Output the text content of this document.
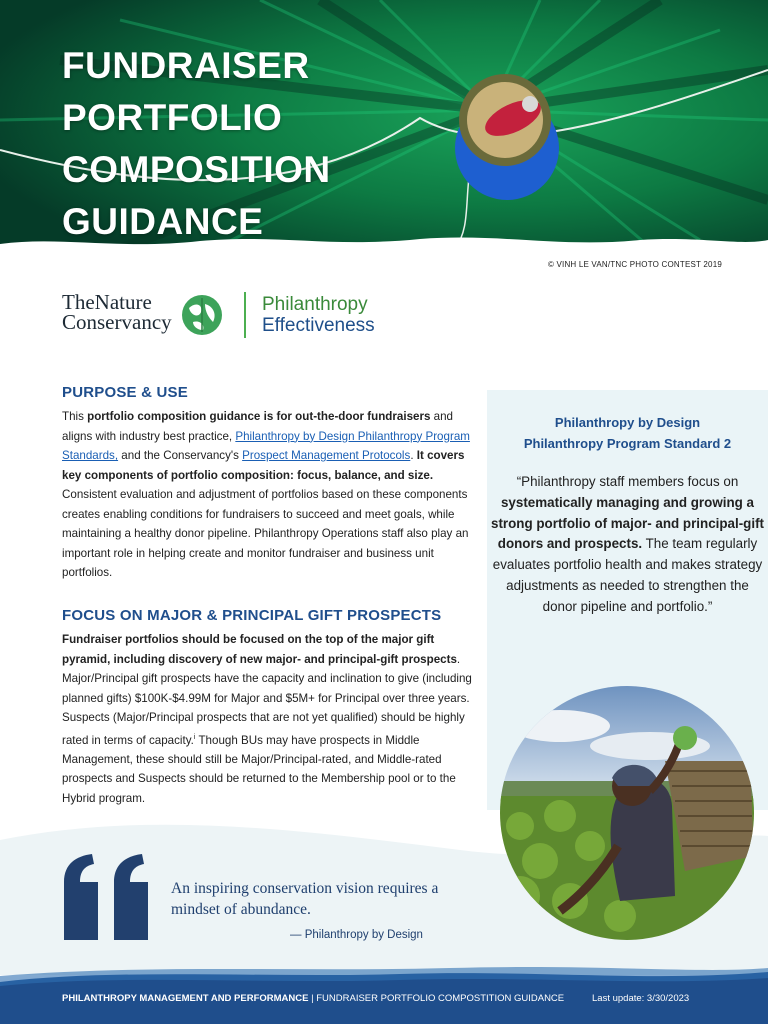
FUNDRAISER
PORTFOLIO
COMPOSITION
GUIDANCE
© VINH LE VAN/TNC PHOTO CONTEST 2019
TheNature
Conservancy
Philanthropy
Effectiveness
PURPOSE & USE
This portfolio composition guidance is for out-the-door fundraisers and aligns with industry best practice, Philanthropy by Design Philanthropy Program Standards, and the Conservancy's Prospect Management Protocols. It covers key components of portfolio composition: focus, balance, and size. Consistent evaluation and adjustment of portfolios based on these components creates enabling conditions for fundraisers to succeed and meet goals, while maintaining a healthy donor pipeline. Philanthropy Operations staff also play an important role in helping create and monitor fundraiser and business unit portfolios.
FOCUS ON MAJOR & PRINCIPAL GIFT PROSPECTS
Fundraiser portfolios should be focused on the top of the major gift pyramid, including discovery of new major- and principal-gift prospects. Major/Principal gift prospects have the capacity and inclination to give (including planned gifts) $100K-$4.99M for Major and $5M+ for Principal over three years. Suspects (Major/Principal prospects that are not yet qualified) should be highly rated in terms of capacity.$^i$ Though BUs may have prospects in Middle Management, these should still be Major/Principal-rated, and Middle-rated prospects and Suspects should be returned to the Membership pool or to the Hybrid program.
Philanthropy by Design
Philanthropy Program Standard 2
“Philanthropy staff members focus on systematically managing and growing a strong portfolio of major- and principal-gift donors and prospects. The team regularly evaluates portfolio health and makes strategy adjustments as needed to strengthen the donor pipeline and portfolio.”
An inspiring conservation vision requires a mindset of abundance.
— Philanthropy by Design
PHILANTHROPY MANAGEMENT AND PERFORMANCE | FUNDRAISER PORTFOLIO COMPOSTITION GUIDANCE	Last update: 3/30/2023
